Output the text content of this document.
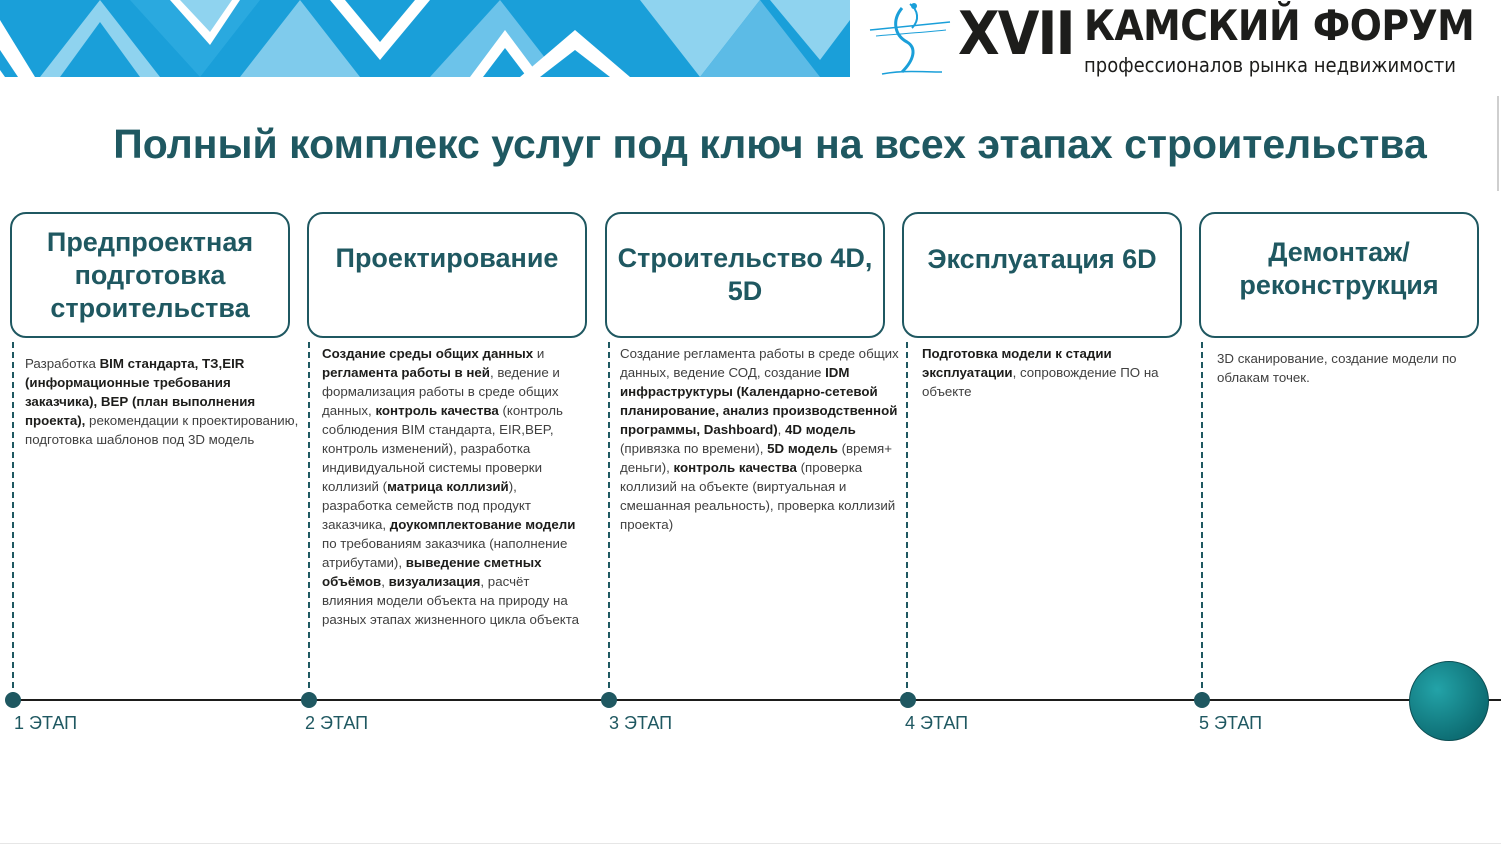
XVII КАМСКИЙ ФОРУМ
профессионалов рынка недвижимости
Полный комплекс услуг под ключ на всех этапах строительства
Предпроектная подготовка строительства
Проектирование Строительство 4D, 5D
Эксплуатация 6D	Демонтаж/ реконструкция
Разработка BIM стандарта, ТЗ,EIR (информационные требования заказчика), ВЕР (план выполнения проекта), рекомендации к проектированию, подготовка шаблонов под 3D модель
Создание среды общих данных и регламента работы в ней, ведение и формализация работы в среде общих данных, контроль качества (контроль соблюдения BIM стандарта, EIR,BEP, контроль изменений), разработка индивидуальной системы проверки коллизий (матрица коллизий), разработка семейств под продукт заказчика, доукомплектование модели по требованиям заказчика (наполнение атрибутами), выведение сметных объёмов, визуализация, расчёт влияния модели объекта на природу на разных этапах жизненного цикла объекта
Создание регламента работы в среде общих данных, ведение СОД, создание IDM инфраструктуры (Календарно-сетевой планирование, анализ производственной программы, Dashboard), 4D модель (привязка по времени), 5D модель (время+ деньги), контроль качества (проверка коллизий на объекте (виртуальная и смешанная реальность), проверка коллизий проекта)
Подготовка модели к стадии эксплуатации, сопровождение ПО на объекте
3D сканирование, создание модели по облакам точек.
1 ЭТАП	2 ЭТАП	3 ЭТАП	4 ЭТАП	5 ЭТАП
